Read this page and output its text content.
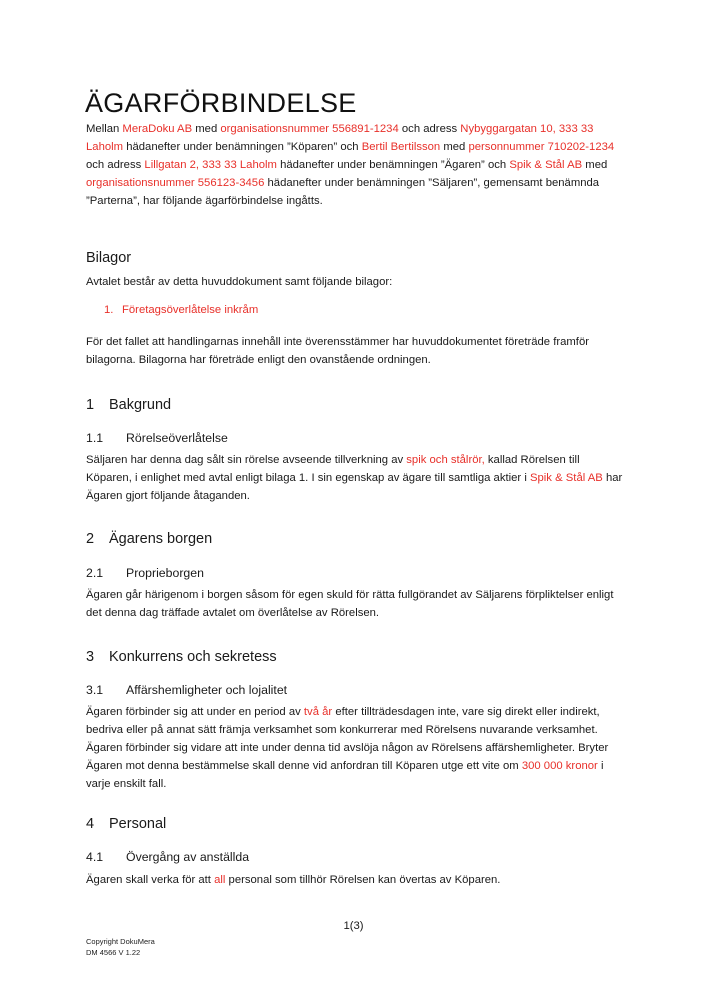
ÄGARFÖRBINDELSE

Mellan MeraDoku AB med organisationsnummer 556891-1234 och adress Nybyggargatan 10, 333 33 Laholm hädanefter under benämningen ”Köparen” och Bertil Bertilsson med personnummer 710202-1234 och adress Lillgatan 2, 333 33 Laholm hädanefter under benämningen ”Ägaren” och Spik & Stål AB med organisationsnummer 556123-3456 hädanefter under benämningen ”Säljaren”, gemensamt benämnda ”Parterna”, har följande ägarförbindelse ingåtts.

Bilagor

Avtalet består av detta huvuddokument samt följande bilagor:

1. Företagsöverlåtelse inkråm

För det fallet att handlingarnas innehåll inte överensstämmer har huvuddokumentet företräde framför bilagorna. Bilagorna har företräde enligt den ovanstående ordningen.

1 Bakgrund
1.1 Rörelseöverlåtelse

Säljaren har denna dag sålt sin rörelse avseende tillverkning av spik och stålrör, kallad Rörelsen till Köparen, i enlighet med avtal enligt bilaga 1. I sin egenskap av ägare till samtliga aktier i Spik & Stål AB har Ägaren gjort följande åtaganden.

2 Ägarens borgen
2.1 Proprieborgen

Ägaren går härigenom i borgen såsom för egen skuld för rätta fullgörandet av Säljarens förpliktelser enligt det denna dag träffade avtalet om överlåtelse av Rörelsen.

3 Konkurrens och sekretess
3.1 Affärshemligheter och lojalitet

Ägaren förbinder sig att under en period av två år efter tillträdesdagen inte, vare sig direkt eller indirekt, bedriva eller på annat sätt främja verksamhet som konkurrerar med Rörelsens nuvarande verksamhet. Ägaren förbinder sig vidare att inte under denna tid avslöja någon av Rörelsens affärshemligheter. Bryter Ägaren mot denna bestämmelse skall denne vid anfordran till Köparen utge ett vite om 300 000 kronor i varje enskilt fall.

4 Personal
4.1 Övergång av anställda

Ägaren skall verka för att all personal som tillhör Rörelsen kan övertas av Köparen.

1(3)
Copyright DokuMera
DM 4566 V 1.22
